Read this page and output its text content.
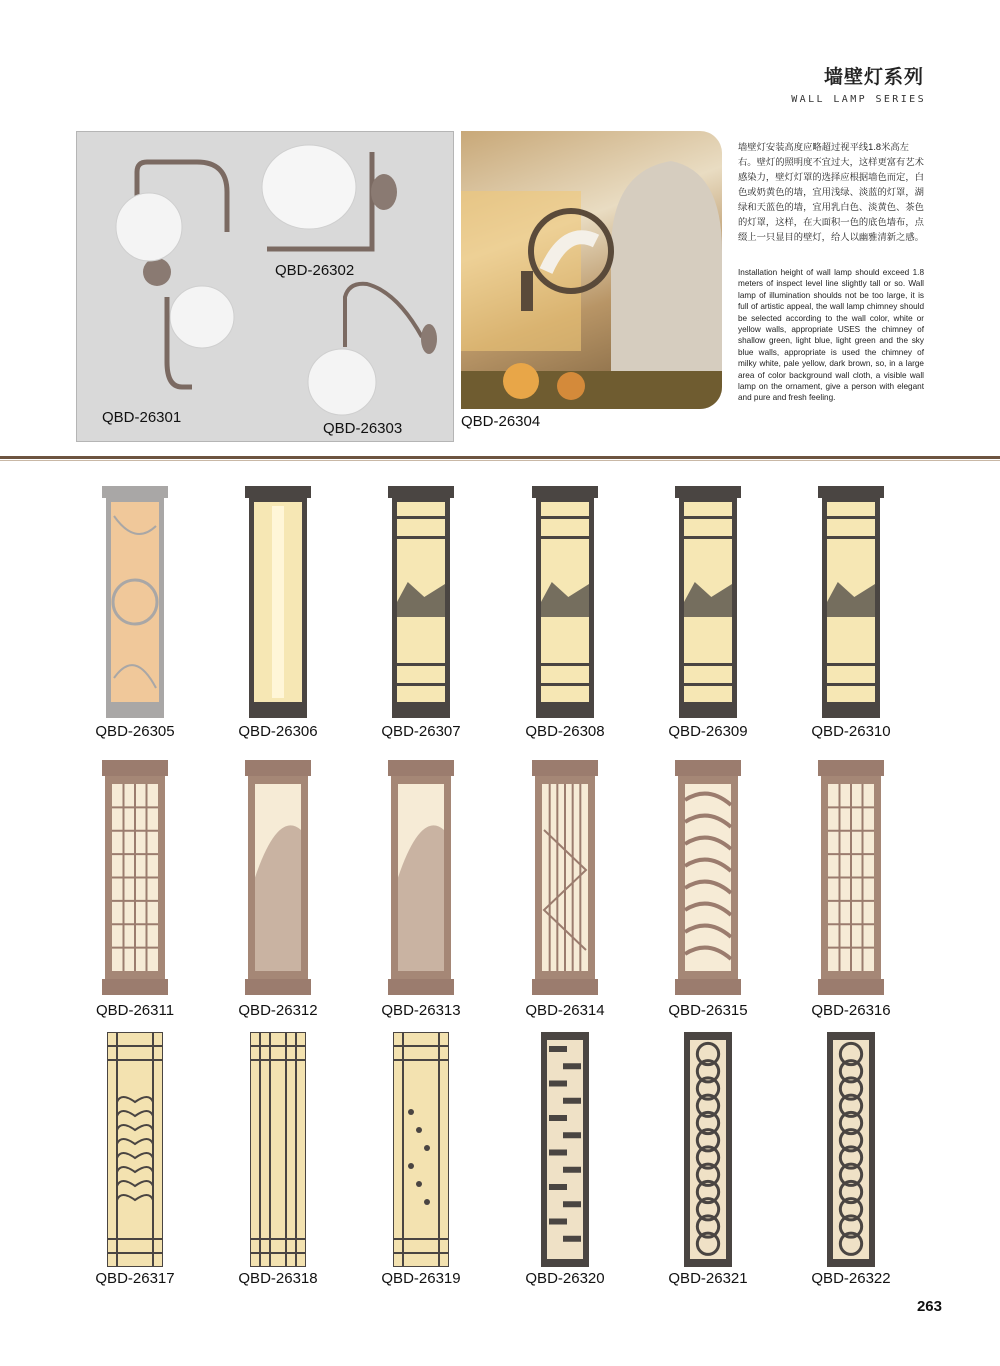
墙壁灯系列
WALL LAMP SERIES
QBD-26301
QBD-26302
QBD-26303	QBD-26304
墙壁灯安装高度应略超过视平线1.8米高左右。壁灯的照明度不宜过大，这样更富有艺术感染力，壁灯灯罩的选择应根据墙色而定，白色或奶黄色的墙，宜用浅绿、淡蓝的灯罩，湖绿和天蓝色的墙，宜用乳白色、淡黄色、茶色的灯罩，这样，在大面积一色的底色墙布，点缀上一只显目的壁灯，给人以幽雅清新之感。
Installation height of wall lamp should exceed 1.8 meters of inspect level line slightly tall or so. Wall lamp of illumination shoulds not be too large, it is full of artistic appeal, the wall lamp chimney should be selected according to the wall color, white or yellow walls, appropriate USES the chimney of shallow green, light blue, light green and the sky blue walls, appropriate is used the chimney of milky white, pale yellow, dark brown, so, in a large area of color background wall cloth, a visible wall lamp on the ornament, give a person with elegant and pure and fresh feeling.
QBD-26305	QBD-26306	QBD-26307	QBD-26308	QBD-26309	QBD-26310
QBD-26311	QBD-26312	QBD-26313	QBD-26314	QBD-26315	QBD-26316
QBD-26317	QBD-26318	QBD-26319	QBD-26320	QBD-26321	QBD-26322
263
